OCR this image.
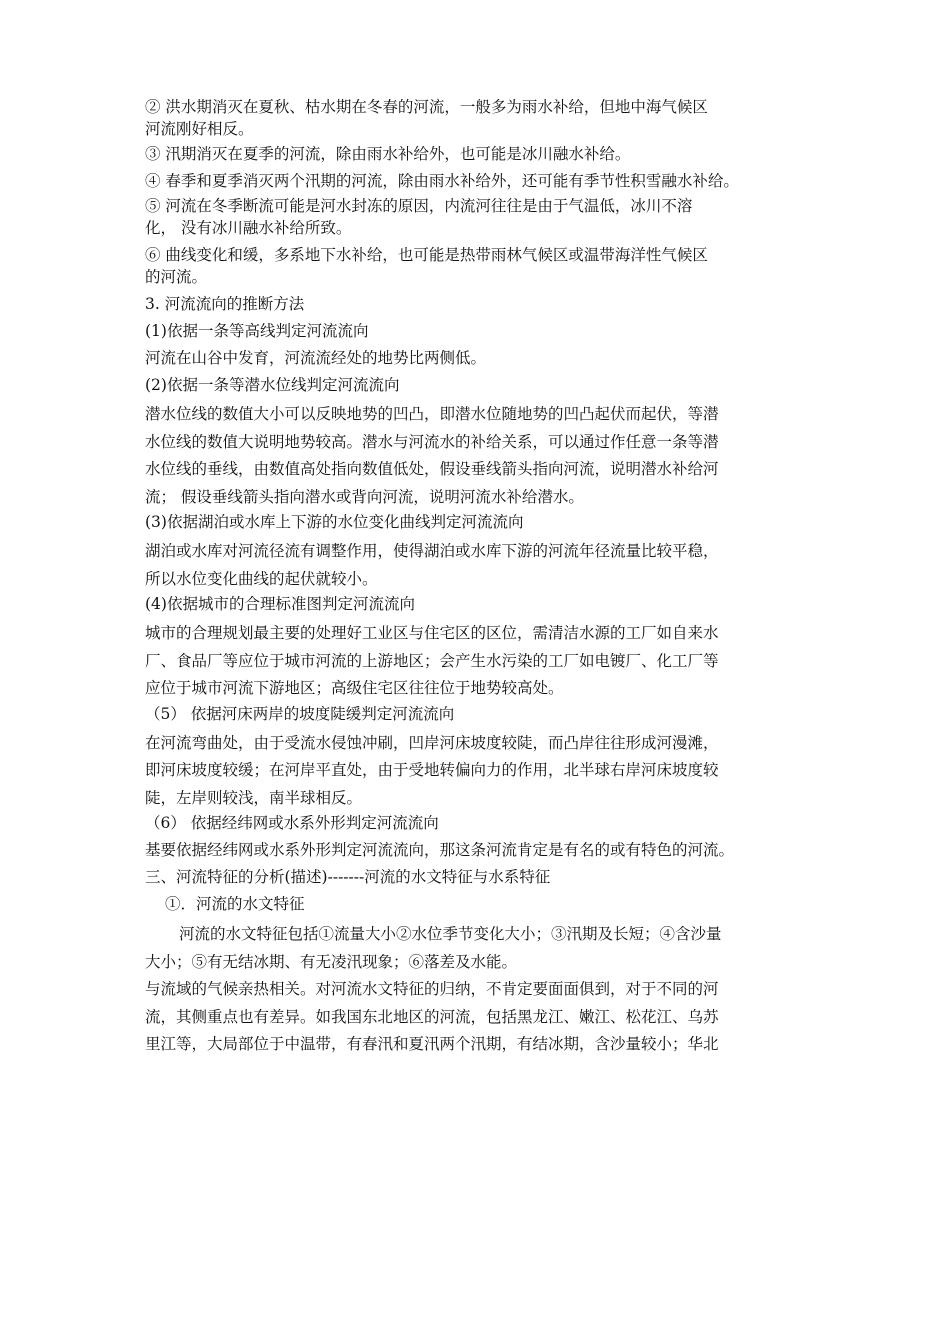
② 洪水期消灭在夏秋、枯水期在冬春的河流，一般多为雨水补给，但地中海气候区
河流刚好相反。
③ 汛期消灭在夏季的河流，除由雨水补给外，也可能是冰川融水补给。
④ 春季和夏季消灭两个汛期的河流，除由雨水补给外，还可能有季节性积雪融水补给。
⑤ 河流在冬季断流可能是河水封冻的原因，内流河往往是由于气温低，冰川不溶
化， 没有冰川融水补给所致。
⑥ 曲线变化和缓，多系地下水补给，也可能是热带雨林气候区或温带海洋性气候区
的河流。
3. 河流流向的推断方法
(1)依据一条等高线判定河流流向
河流在山谷中发育，河流流经处的地势比两侧低。
(2)依据一条等潜水位线判定河流流向
潜水位线的数值大小可以反映地势的凹凸，即潜水位随地势的凹凸起伏而起伏，等潜
水位线的数值大说明地势较高。潜水与河流水的补给关系，可以通过作任意一条等潜
水位线的垂线，由数值高处指向数值低处，假设垂线箭头指向河流，说明潜水补给河
流； 假设垂线箭头指向潜水或背向河流，说明河流水补给潜水。
(3)依据湖泊或水库上下游的水位变化曲线判定河流流向
湖泊或水库对河流径流有调整作用，使得湖泊或水库下游的河流年径流量比较平稳，
所以水位变化曲线的起伏就较小。
(4)依据城市的合理标准图判定河流流向
城市的合理规划最主要的处理好工业区与住宅区的区位，需清洁水源的工厂如自来水
厂、食品厂等应位于城市河流的上游地区；会产生水污染的工厂如电镀厂、化工厂等
应位于城市河流下游地区；高级住宅区往往位于地势较高处。
（5） 依据河床两岸的坡度陡缓判定河流流向
在河流弯曲处，由于受流水侵蚀冲刷，凹岸河床坡度较陡，而凸岸往往形成河漫滩，
即河床坡度较缓；在河岸平直处，由于受地转偏向力的作用，北半球右岸河床坡度较
陡，左岸则较浅，南半球相反。
（6） 依据经纬网或水系外形判定河流流向
基要依据经纬网或水系外形判定河流流向，那这条河流肯定是有名的或有特色的河流。
三、河流特征的分析(描述)-------河流的水文特征与水系特征
①．河流的水文特征
河流的水文特征包括①流量大小②水位季节变化大小；③汛期及长短；④含沙量
大小；⑤有无结冰期、有无凌汛现象；⑥落差及水能。
与流域的气候亲热相关。对河流水文特征的归纳，不肯定要面面俱到，对于不同的河
流，其侧重点也有差异。如我国东北地区的河流，包括黑龙江、嫩江、松花江、乌苏
里江等，大局部位于中温带，有春汛和夏汛两个汛期，有结冰期，含沙量较小；华北
